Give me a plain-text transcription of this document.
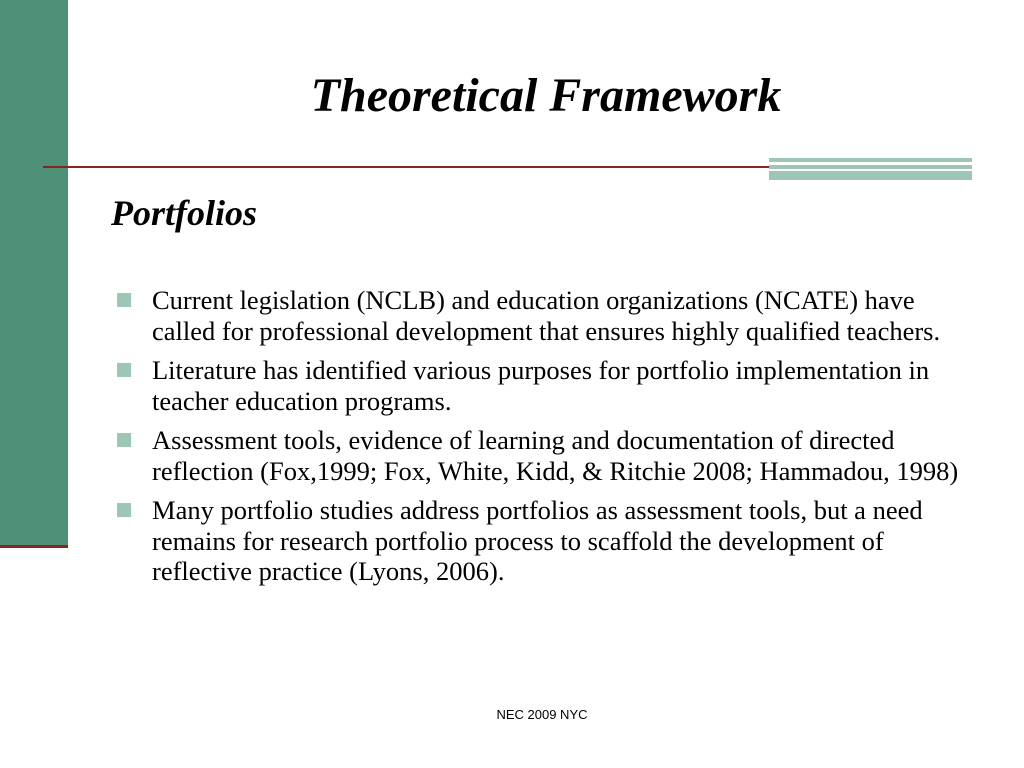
Theoretical Framework
Portfolios
Current legislation (NCLB) and education organizations (NCATE) have called for professional development that ensures highly qualified teachers.
Literature has identified various purposes for portfolio implementation in teacher education programs.
Assessment tools, evidence of learning and documentation of directed reflection (Fox,1999; Fox, White, Kidd, & Ritchie 2008; Hammadou, 1998)
Many portfolio studies address portfolios as assessment tools, but a need remains for research portfolio process to scaffold the development of reflective practice (Lyons, 2006).
NEC 2009 NYC
